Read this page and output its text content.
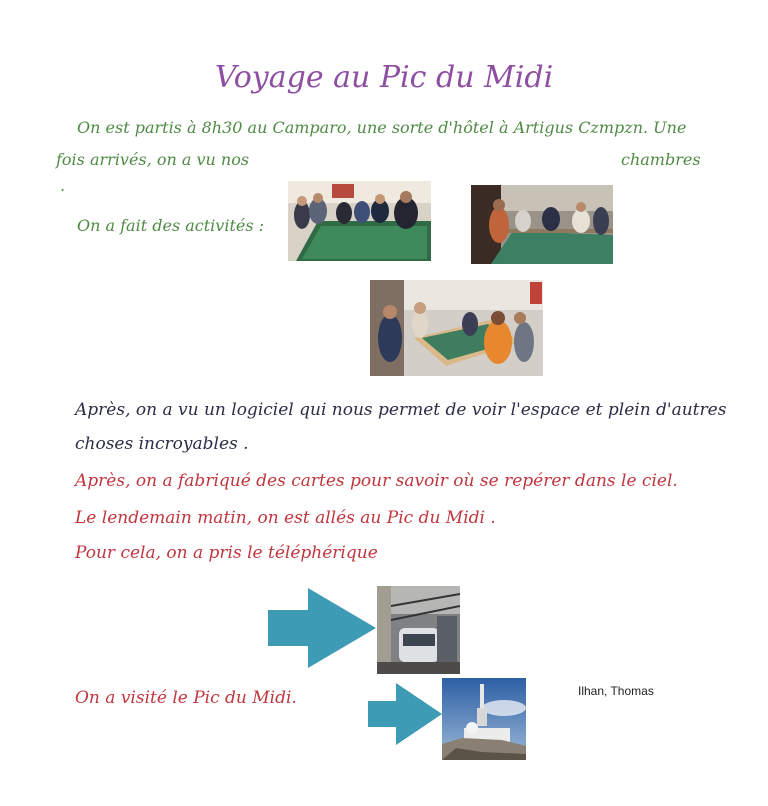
Voyage au Pic du Midi
On est partis à 8h30 au Camparo, une sorte d'hôtel à Artigus Czmpzn. Une
fois arrivés, on a vu nos	chambres
.
On a fait des activités :
Après, on a vu un logiciel qui nous permet de voir l'espace et plein d'autres
choses incroyables .
Après, on a fabriqué des cartes pour savoir où se repérer dans le ciel.
Le lendemain matin, on est allés au Pic du Midi .
Pour cela, on a pris le téléphérique
On a visité le Pic du Midi.	Ilhan, Thomas
